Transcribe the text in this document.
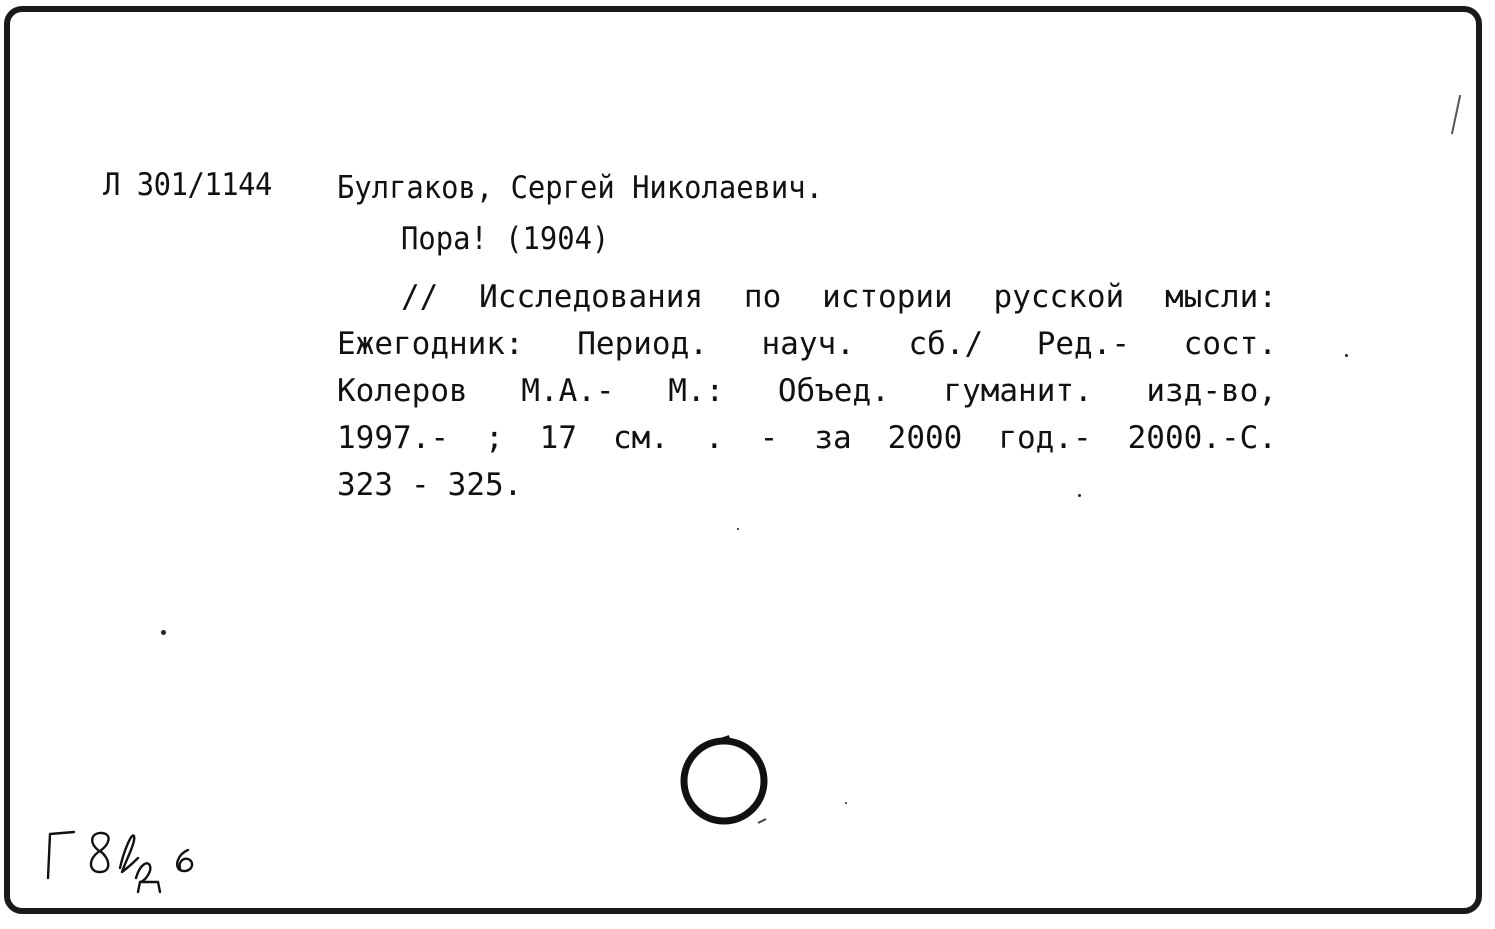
Л 301/1144 Булгаков, Сергей Николаевич.
Пора! (1904)
// Исследования по истории русской мысли:
Ежегодник: Период. науч. сб./ Ред.- сост.
Колеров М.А.- М.: Объед. гуманит. изд-во,
1997.- ; 17 см. . - за 2000 год.- 2000.-С.
323 - 325.
